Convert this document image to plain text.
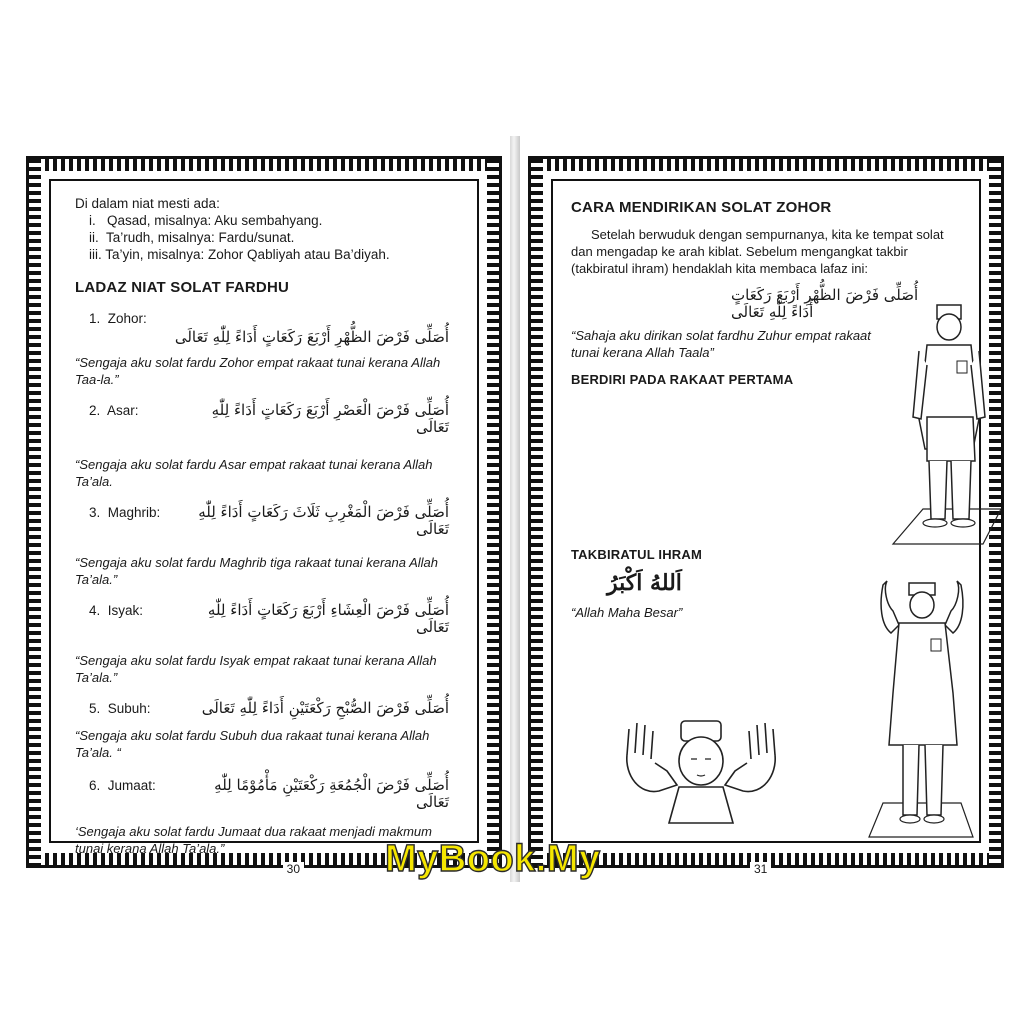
Di dalam niat mesti ada:
i.   Qasad, misalnya: Aku sembahyang.
ii.  Ta’rudh, misalnya: Fardu/sunat.
iii. Ta’yin, misalnya: Zohor Qabliyah atau Ba’diyah.
LADAZ NIAT SOLAT FARDHU
1.  Zohor:
أُصَلِّى فَرْضَ الظُّهْرِ أَرْبَعَ رَكَعَاتٍ أَدَاءً لِلّٰهِ تَعَالَى
“Sengaja aku solat fardu Zohor empat rakaat tunai kerana Allah Taa-la.”
2.  Asar:	أُصَلِّى فَرْضَ الْعَصْرِ أَرْبَعَ رَكَعَاتٍ أَدَاءً لِلّٰهِ تَعَالَى
“Sengaja aku solat fardu Asar empat rakaat tunai kerana Allah Ta’ala.
3.  Maghrib:	أُصَلِّى فَرْضَ الْمَغْرِبِ ثَلَاثَ رَكَعَاتٍ أَدَاءً لِلّٰهِ تَعَالَى
“Sengaja aku solat fardu Maghrib tiga rakaat tunai kerana Allah Ta’ala.”
4.  Isyak:	أُصَلِّى فَرْضَ الْعِشَاءِ أَرْبَعَ رَكَعَاتٍ أَدَاءً لِلّٰهِ تَعَالَى
“Sengaja aku solat fardu Isyak empat rakaat tunai kerana Allah Ta’ala.”
5.  Subuh:	أُصَلِّى فَرْضَ الصُّبْحِ رَكْعَتَيْنِ أَدَاءً لِلّٰهِ تَعَالَى
“Sengaja aku solat fardu Subuh dua rakaat tunai kerana Allah Ta’ala. “
6.  Jumaat:	أُصَلِّى فَرْضَ الْجُمُعَةِ رَكْعَتَيْنِ مَأْمُوْمًا لِلّٰهِ تَعَالَى
‘Sengaja aku solat fardu Jumaat dua rakaat menjadi makmum tunai kerana Allah Ta’ala.”
30
CARA MENDIRIKAN SOLAT ZOHOR
Setelah berwuduk dengan sempurnanya, kita ke tempat solat dan mengadap ke arah kiblat. Sebelum mengangkat takbir (takbiratul ihram) hendaklah kita membaca lafaz ini:
أُصَلِّى فَرْضَ الظُّهْرِ أَرْبَعَ رَكَعَاتٍ أَدَاءً لِلّٰهِ تَعَالَى
“Sahaja aku dirikan solat fardhu Zuhur empat rakaat tunai kerana Allah Taala”
BERDIRI PADA RAKAAT PERTAMA
TAKBIRATUL IHRAM
اَللهُ اَكْبَرُ
“Allah Maha Besar”
31
MyBook.My
